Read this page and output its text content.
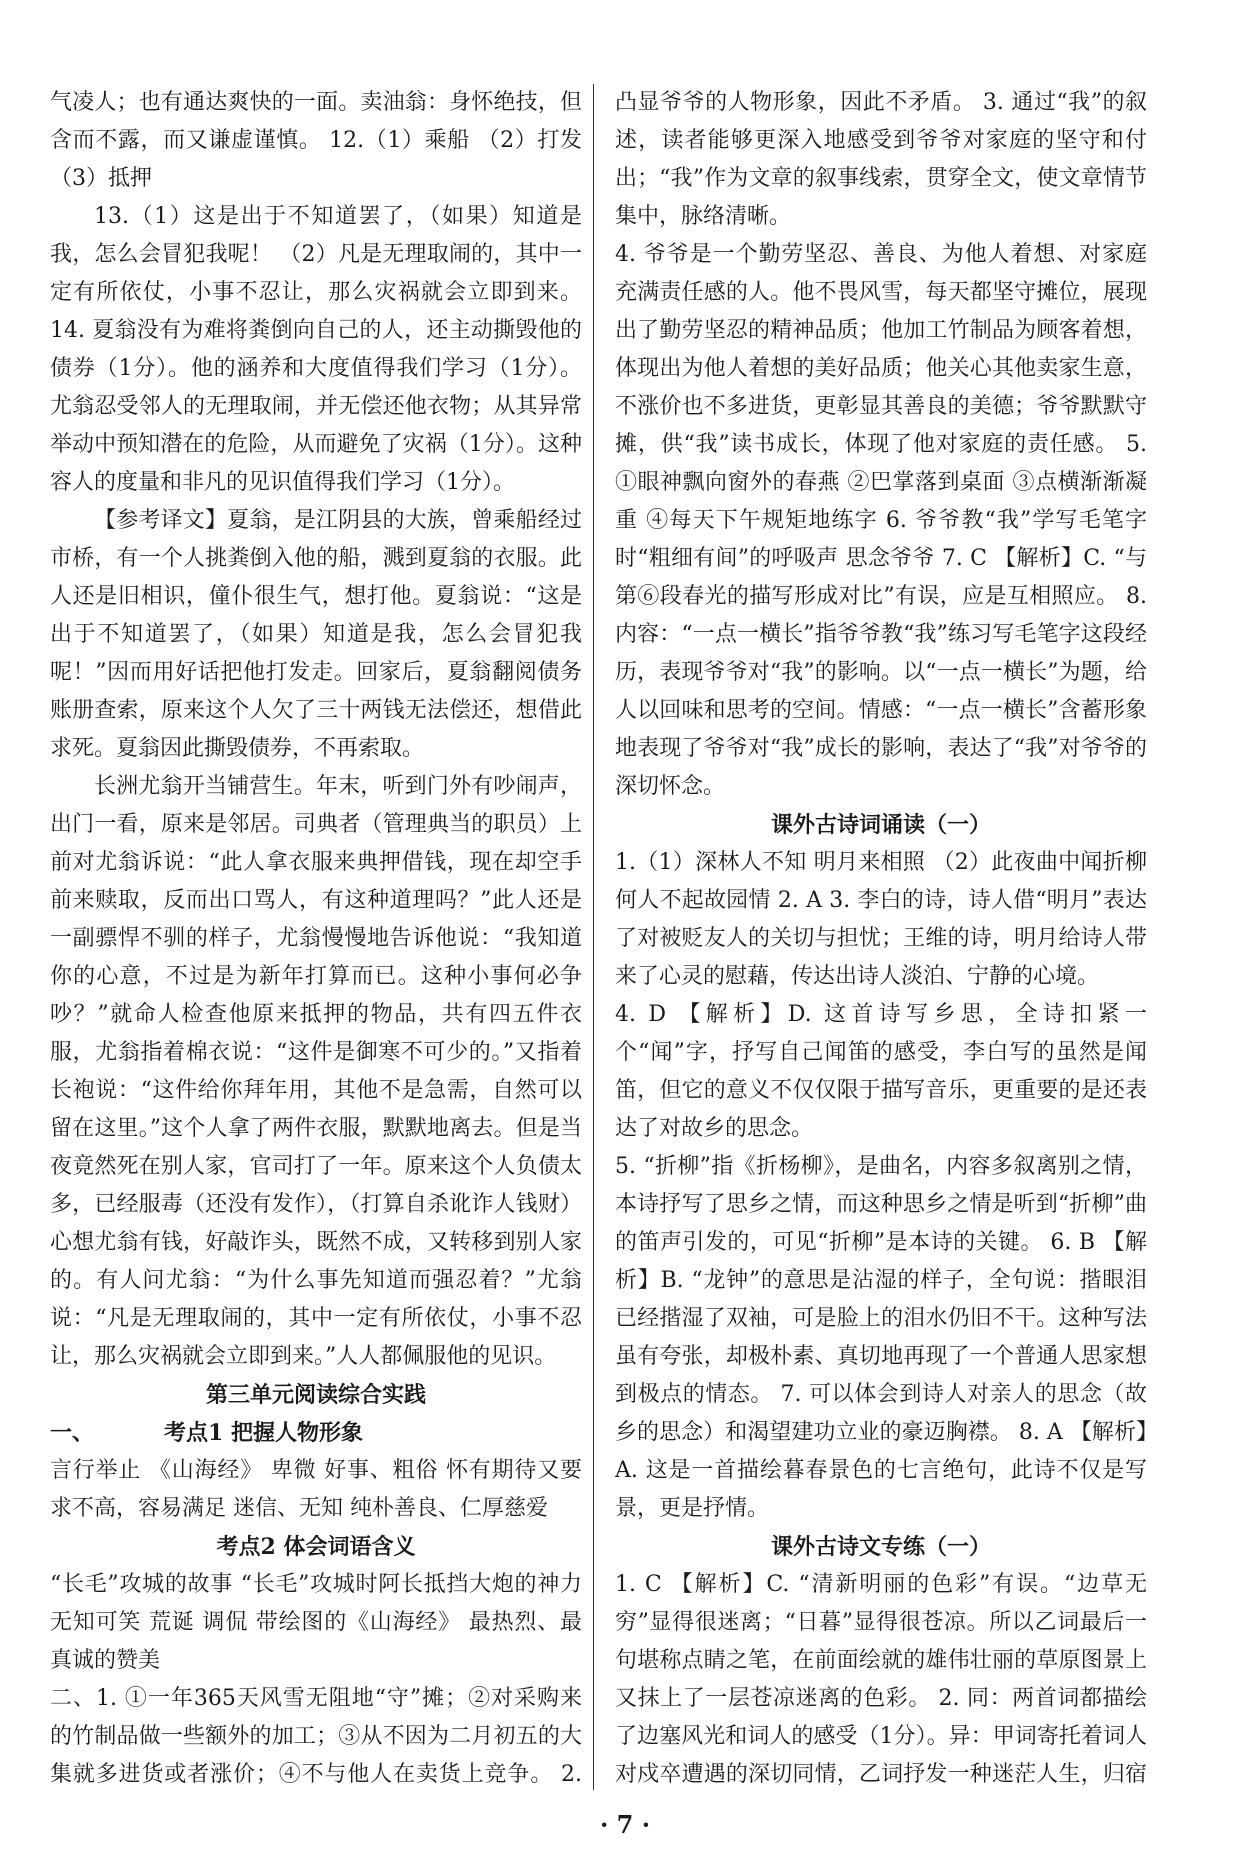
气凌人；也有通达爽快的一面。卖油翁：身怀绝技，但含而不露，而又谦虚谨慎。 12.（1）乘船 （2）打发 （3）抵押

13.（1）这是出于不知道罢了，（如果）知道是我，怎么会冒犯我呢！ （2）凡是无理取闹的，其中一定有所依仗，小事不忍让，那么灾祸就会立即到来。 14. 夏翁没有为难将粪倒向自己的人，还主动撕毁他的债券（1分）。他的涵养和大度值得我们学习（1分）。尤翁忍受邻人的无理取闹，并无偿还他衣物；从其异常举动中预知潜在的危险，从而避免了灾祸（1分）。这种容人的度量和非凡的见识值得我们学习（1分）。

【参考译文】夏翁，是江阴县的大族，曾乘船经过市桥，有一个人挑粪倒入他的船，溅到夏翁的衣服。此人还是旧相识，僮仆很生气，想打他。夏翁说：“这是出于不知道罢了，（如果）知道是我，怎么会冒犯我呢！”因而用好话把他打发走。回家后，夏翁翻阅债务账册查索，原来这个人欠了三十两钱无法偿还，想借此求死。夏翁因此撕毁债券，不再索取。

长洲尤翁开当铺营生。年末，听到门外有吵闹声，出门一看，原来是邻居。司典者（管理典当的职员）上前对尤翁诉说：“此人拿衣服来典押借钱，现在却空手前来赎取，反而出口骂人，有这种道理吗？”此人还是一副骠悍不驯的样子，尤翁慢慢地告诉他说：“我知道你的心意，不过是为新年打算而已。这种小事何必争吵？”就命人检查他原来抵押的物品，共有四五件衣服，尤翁指着棉衣说：“这件是御寒不可少的。”又指着长袍说：“这件给你拜年用，其他不是急需，自然可以留在这里。”这个人拿了两件衣服，默默地离去。但是当夜竟然死在别人家，官司打了一年。原来这个人负债太多，已经服毒（还没有发作），（打算自杀讹诈人钱财）心想尤翁有钱，好敲诈头，既然不成，又转移到别人家的。有人问尤翁：“为什么事先知道而强忍着？”尤翁说：“凡是无理取闹的，其中一定有所依仗，小事不忍让，那么灾祸就会立即到来。”人人都佩服他的见识。

第三单元阅读综合实践

一、	考点1 把握人物形象

言行举止 《山海经》 卑微 好事、粗俗 怀有期待又要求不高，容易满足 迷信、无知 纯朴善良、仁厚慈爱

考点2 体会词语含义

“长毛”攻城的故事 “长毛”攻城时阿长抵挡大炮的神力 无知可笑 荒诞 调侃 带绘图的《山海经》 最热烈、最真诚的赞美

二、1. ①一年365天风雪无阻地“守”摊；②对采购来的竹制品做一些额外的加工；③从不因为二月初五的大集就多进货或者涨价；④不与他人在卖货上竞争。 2.

凸显爷爷的人物形象，因此不矛盾。 3. 通过“我”的叙述，读者能够更深入地感受到爷爷对家庭的坚守和付出；“我”作为文章的叙事线索，贯穿全文，使文章情节集中，脉络清晰。

4. 爷爷是一个勤劳坚忍、善良、为他人着想、对家庭充满责任感的人。他不畏风雪，每天都坚守摊位，展现出了勤劳坚忍的精神品质；他加工竹制品为顾客着想，体现出为他人着想的美好品质；他关心其他卖家生意，不涨价也不多进货，更彰显其善良的美德；爷爷默默守摊，供“我”读书成长，体现了他对家庭的责任感。 5. ①眼神飘向窗外的春燕 ②巴掌落到桌面 ③点横渐渐凝重 ④每天下午规矩地练字 6. 爷爷教“我”学写毛笔字时“粗细有间”的呼吸声 思念爷爷 7. C 【解析】C. “与第⑥段春光的描写形成对比”有误，应是互相照应。 8. 内容：“一点一横长”指爷爷教“我”练习写毛笔字这段经历，表现爷爷对“我”的影响。以“一点一横长”为题，给人以回味和思考的空间。情感：“一点一横长”含蓄形象地表现了爷爷对“我”成长的影响，表达了“我”对爷爷的深切怀念。

课外古诗词诵读（一）

1.（1）深林人不知 明月来相照 （2）此夜曲中闻折柳 何人不起故园情 2. A 3. 李白的诗，诗人借“明月”表达了对被贬友人的关切与担忧；王维的诗，明月给诗人带来了心灵的慰藉，传达出诗人淡泊、宁静的心境。

4. D 【解析】D. 这首诗写乡思，全诗扣紧一个“闻”字，抒写自己闻笛的感受，李白写的虽然是闻笛，但它的意义不仅仅限于描写音乐，更重要的是还表达了对故乡的思念。

5. “折柳”指《折杨柳》，是曲名，内容多叙离别之情，本诗抒写了思乡之情，而这种思乡之情是听到“折柳”曲的笛声引发的，可见“折柳”是本诗的关键。 6. B 【解析】B. “龙钟”的意思是沾湿的样子，全句说：揩眼泪已经揩湿了双袖，可是脸上的泪水仍旧不干。这种写法虽有夸张，却极朴素、真切地再现了一个普通人思家想到极点的情态。 7. 可以体会到诗人对亲人的思念（故乡的思念）和渴望建功立业的豪迈胸襟。 8. A 【解析】A. 这是一首描绘暮春景色的七言绝句，此诗不仅是写景，更是抒情。

课外古诗文专练（一）

1. C 【解析】C. “清新明丽的色彩”有误。“边草无穷”显得很迷离；“日暮”显得很苍凉。所以乙词最后一句堪称点睛之笔，在前面绘就的雄伟壮丽的草原图景上又抹上了一层苍凉迷离的色彩。 2. 同：两首词都描绘了边塞风光和词人的感受（1分）。异：甲词寄托着词人对戍卒遭遇的深切同情，乙词抒发一种迷茫人生，归宿

· 7 ·
